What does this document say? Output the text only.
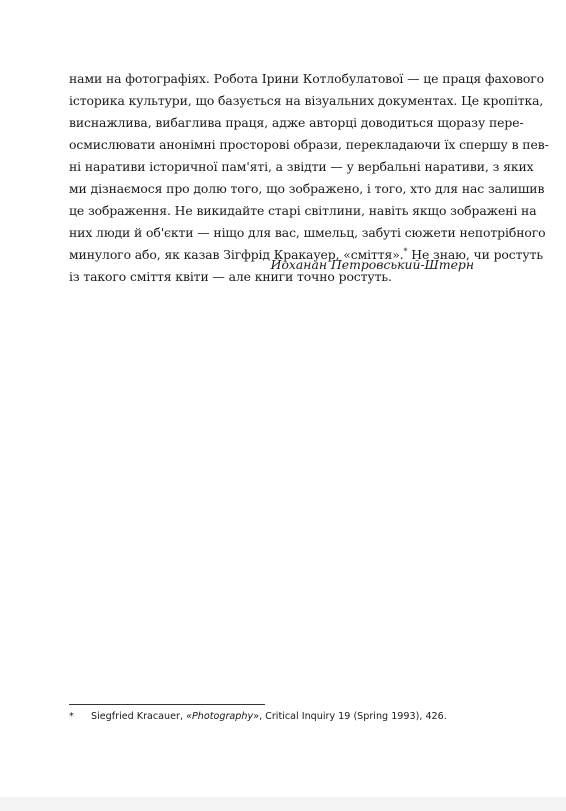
нами на фотографіях. Робота Ірини Котлобулатової — це праця фахового
історика культури, що базується на візуальних документах. Це кропітка,
виснажлива, вибаглива праця, адже авторці доводиться щоразу пере-
осмислювати анонімні просторові образи, перекладаючи їх спершу в пев-
ні наративи історичної пам'яті, а звідти — у вербальні наративи, з яких
ми дізнаємося про долю того, що зображено, і того, хто для нас залишив
це зображення. Не викидайте старі світлини, навіть якщо зображені на
них люди й об'єкти — ніщо для вас, шмельц, забуті сюжети непотрібного
минулого або, як казав Зігфрід Кракауер, «сміття».* Не знаю, чи ростуть
із такого сміття квіти — але книги точно ростуть.

Йоханан Петровський-Штерн

* Siegfried Kracauer, «Photography», Critical Inquiry 19 (Spring 1993), 426.
